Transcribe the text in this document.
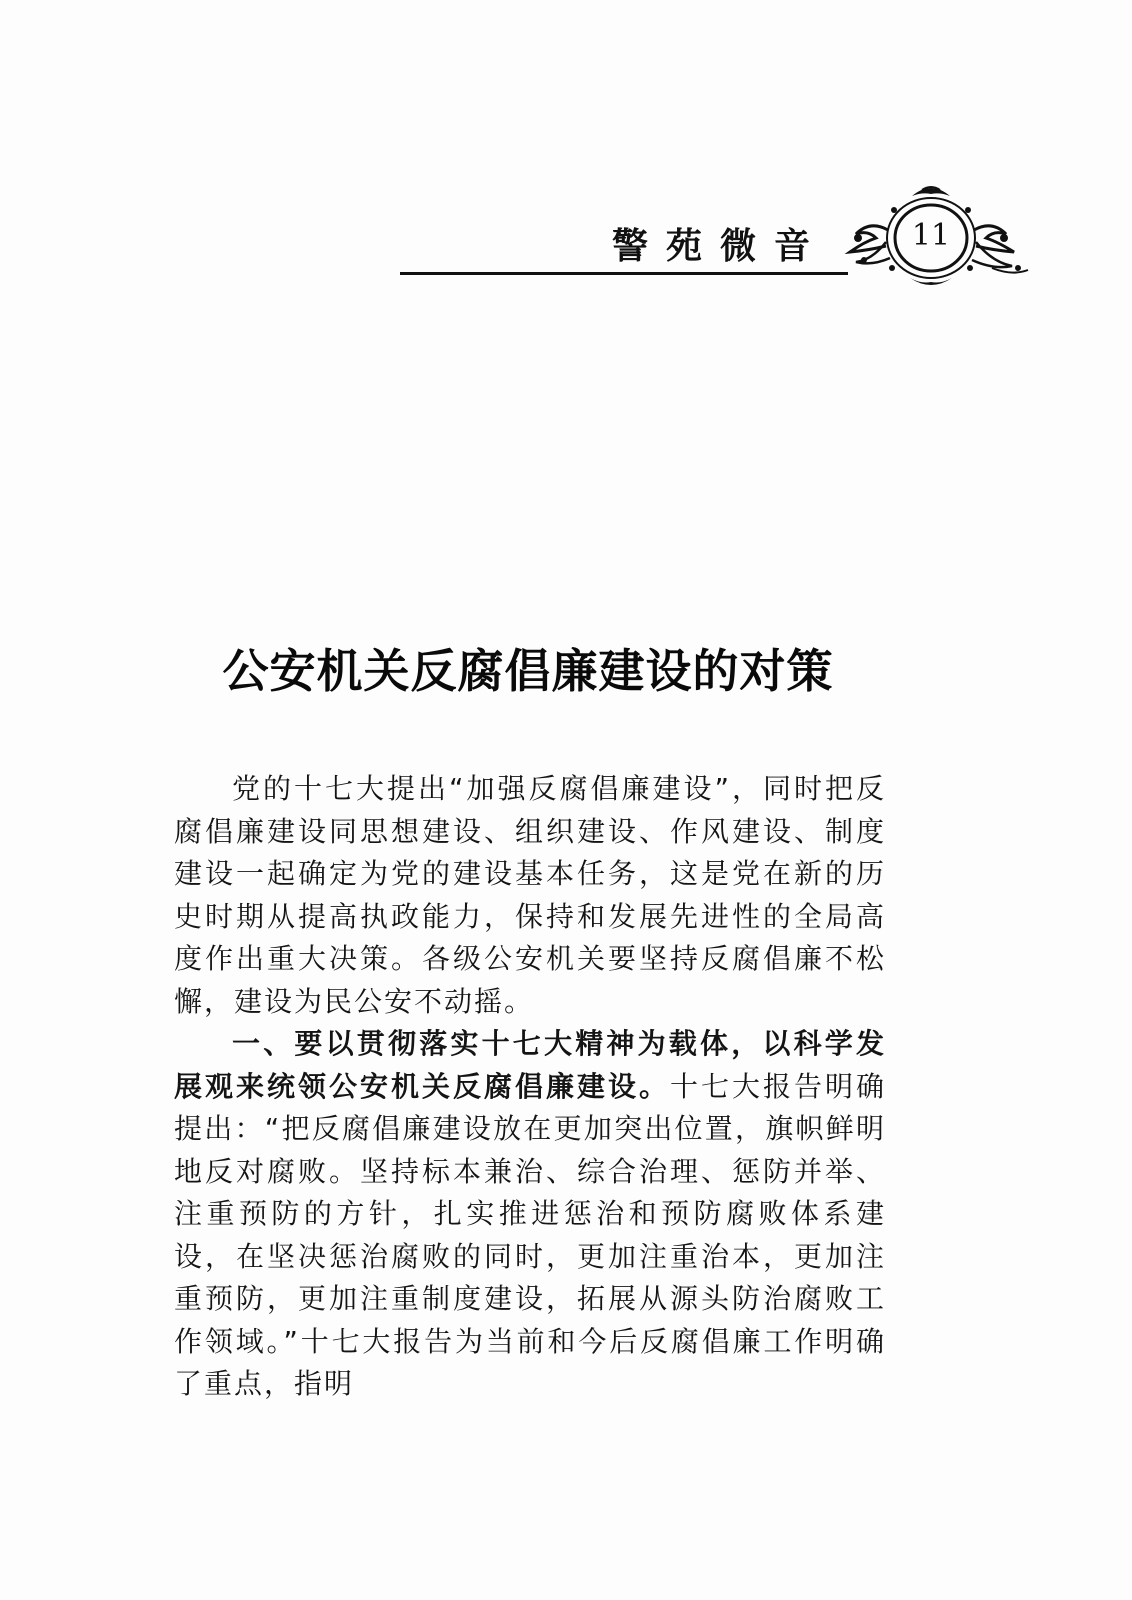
警苑微音	11
公安机关反腐倡廉建设的对策

党的十七大提出“加强反腐倡廉建设”，同时把反腐倡廉建设同思想建设、组织建设、作风建设、制度建设一起确定为党的建设基本任务，这是党在新的历史时期从提高执政能力，保持和发展先进性的全局高度作出重大决策。各级公安机关要坚持反腐倡廉不松懈，建设为民公安不动摇。

一、要以贯彻落实十七大精神为载体，以科学发展观来统领公安机关反腐倡廉建设。十七大报告明确提出：“把反腐倡廉建设放在更加突出位置，旗帜鲜明地反对腐败。坚持标本兼治、综合治理、惩防并举、注重预防的方针，扎实推进惩治和预防腐败体系建设，在坚决惩治腐败的同时，更加注重治本，更加注重预防，更加注重制度建设，拓展从源头防治腐败工作领域。”十七大报告为当前和今后反腐倡廉工作明确了重点，指明
